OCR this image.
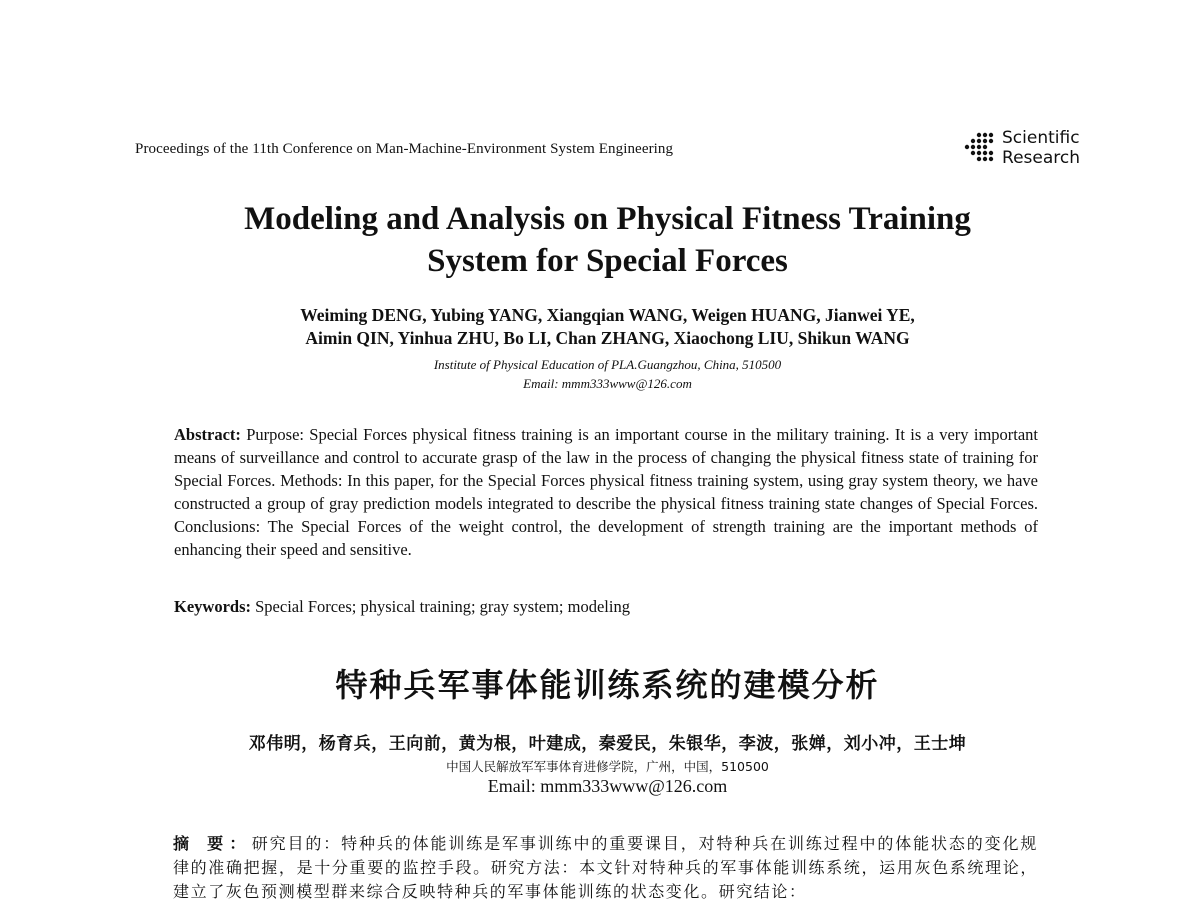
Proceedings of the 11th Conference on Man-Machine-Environment System Engineering
Scientific
Research
Modeling and Analysis on Physical Fitness Training
System for Special Forces
Weiming DENG, Yubing YANG, Xiangqian WANG, Weigen HUANG, Jianwei YE,
Aimin QIN, Yinhua ZHU, Bo LI, Chan ZHANG, Xiaochong LIU, Shikun WANG
Institute of Physical Education of PLA.Guangzhou, China, 510500
Email: mmm333www@126.com
Abstract: Purpose: Special Forces physical fitness training is an important course in the military training. It is a very important means of surveillance and control to accurate grasp of the law in the process of changing the physical fitness state of training for Special Forces. Methods: In this paper, for the Special Forces physical fitness training system, using gray system theory, we have constructed a group of gray prediction models integrated to describe the physical fitness training state changes of Special Forces. Conclusions: The Special Forces of the weight control, the development of strength training are the important methods of enhancing their speed and sensitive.
Keywords: Special Forces; physical training; gray system; modeling
特种兵军事体能训练系统的建模分析
邓伟明，杨育兵，王向前，黄为根，叶建成，秦爱民，朱银华，李波，张婵，刘小冲，王士坤
中国人民解放军军事体育进修学院，广州，中国，510500
Email: mmm333www@126.com
摘 要：研究目的：特种兵的体能训练是军事训练中的重要课目，对特种兵在训练过程中的体能状态的变化规律的准确把握，是十分重要的监控手段。研究方法：本文针对特种兵的军事体能训练系统，运用灰色系统理论，建立了灰色预测模型群来综合反映特种兵的军事体能训练的状态变化。研究结论：
